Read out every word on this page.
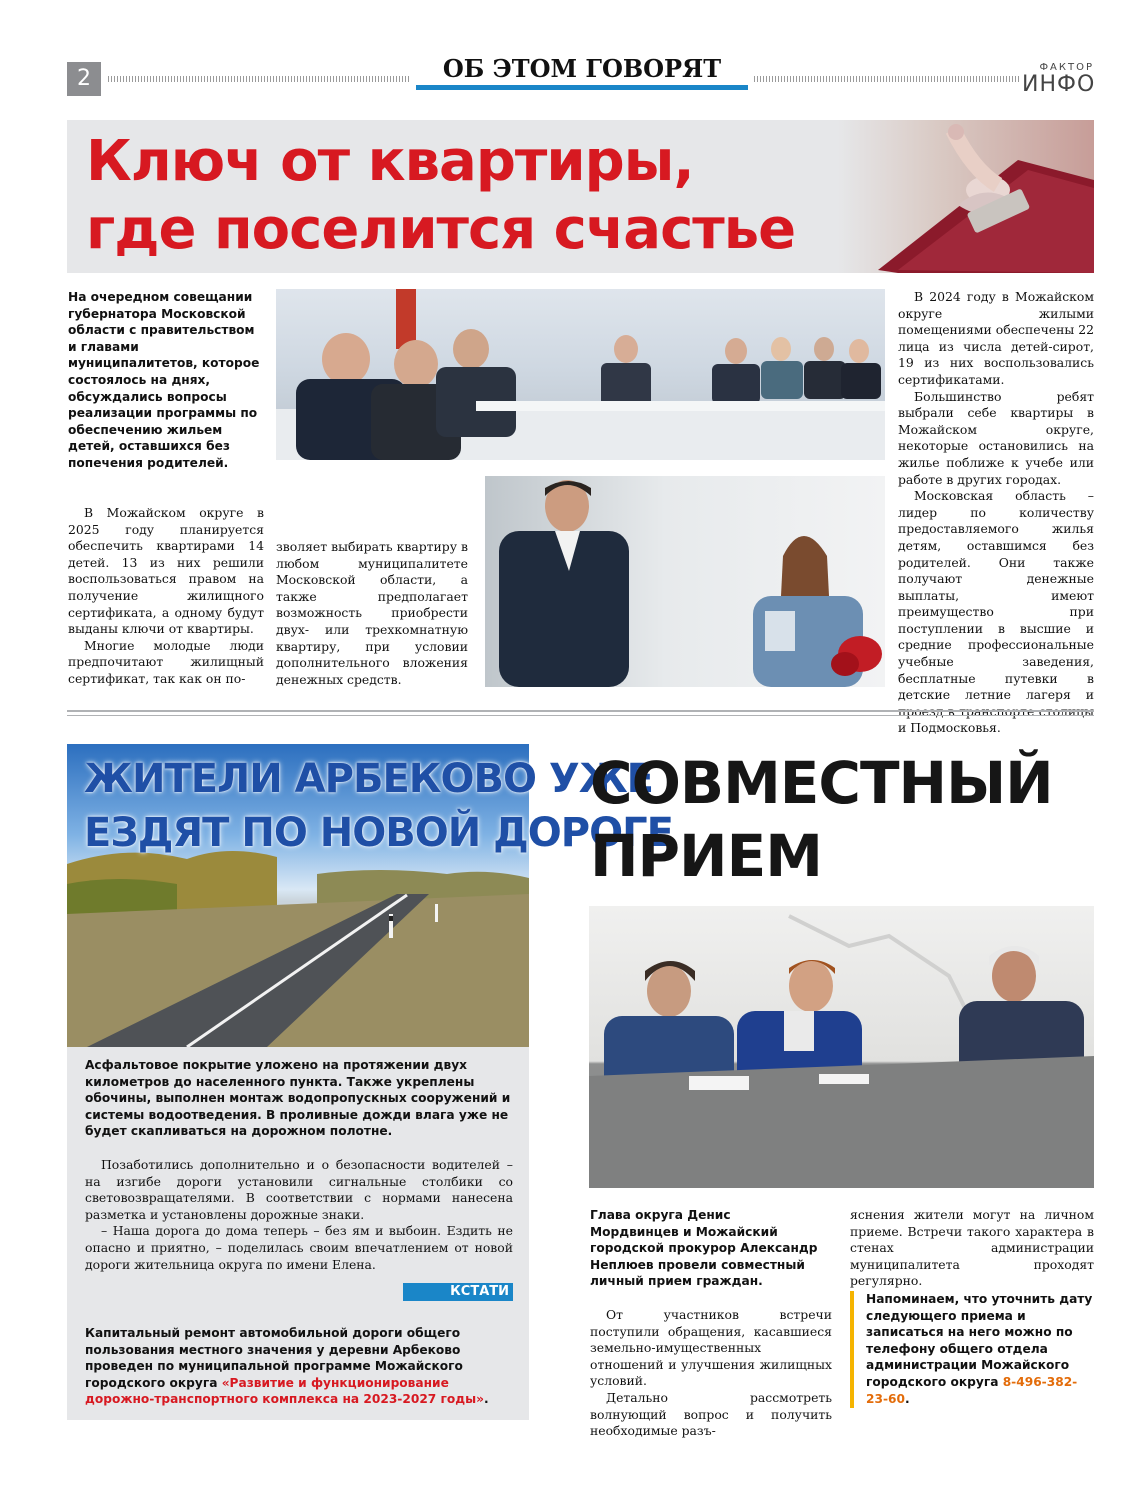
2	ОБ ЭТОМ ГОВОРЯТ	ФАКТОР
ИНФО
Ключ от квартиры,
где поселится счастье
На очередном совещании губернатора Московской области с правительством и главами муниципалитетов, которое состоялось на днях, обсуждались вопросы реализации программы по обеспечению жильем детей, оставшихся без попечения родителей.

В Можайском округе в 2025 году планируется обеспечить квартирами 14 детей. 13 из них решили воспользоваться правом на получение жилищного сертификата, а одному будут выданы ключи от квартиры.

Многие молодые люди предпочитают жилищный сертификат, так как он по-

зволяет выбирать квартиру в любом муниципалитете Московской области, а также предполагает возможность приобрести двух- или трехкомнатную квартиру, при условии дополнительного вложения денежных средств.

В 2024 году в Можайском округе жилыми помещениями обеспечены 22 лица из числа детей-сирот, 19 из них воспользовались сертификатами.

Большинство ребят выбрали себе квартиры в Можайском округе, некоторые остановились на жилье поближе к учебе или работе в других городах.

Московская область – лидер по количеству предоставляемого жилья детям, оставшимся без родителей. Они также получают денежные выплаты, имеют преимущество при поступлении в высшие и средние профессиональные учебные заведения, бесплатные путевки в детские летние лагеря и проезд в транспорте столицы и Подмосковья.

ЖИТЕЛИ АРБЕКОВО УЖЕ
ЕЗДЯТ ПО НОВОЙ ДОРОГЕ
Асфальтовое покрытие уложено на протяжении двух километров до населенного пункта. Также укреплены обочины, выполнен монтаж водопропускных сооружений и системы водоотведения. В проливные дожди влага уже не будет скапливаться на дорожном полотне.

Позаботились дополнительно и о безопасности водителей – на изгибе дороги установили сигнальные столбики со световозвращателями. В соответствии с нормами нанесена разметка и установлены дорожные знаки.

– Наша дорога до дома теперь – без ям и выбоин. Ездить не опасно и приятно, – поделилась своим впечатлением от новой дороги жительница округа по имени Елена.

КСТАТИ
Капитальный ремонт автомобильной дороги общего пользования местного значения у деревни Арбеково проведен по муниципальной программе Можайского городского округа «Развитие и функционирование дорожно-транспортного комплекса на 2023-2027 годы».
СОВМЕСТНЫЙ
ПРИЕМ
Глава округа Денис Мордвинцев и Можайский городской прокурор Александр Неплюев провели совместный личный прием граждан.

От участников встречи поступили обращения, касавшиеся земельно-имущественных отношений и улучшения жилищных условий.

Детально рассмотреть волнующий вопрос и получить необходимые разъ-

яснения жители могут на личном приеме. Встречи такого характера в стенах администрации муниципалитета проходят регулярно.

Напоминаем, что уточнить дату следующего приема и записаться на него можно по телефону общего отдела администрации Можайского городского округа 8-496-382-23-60.
